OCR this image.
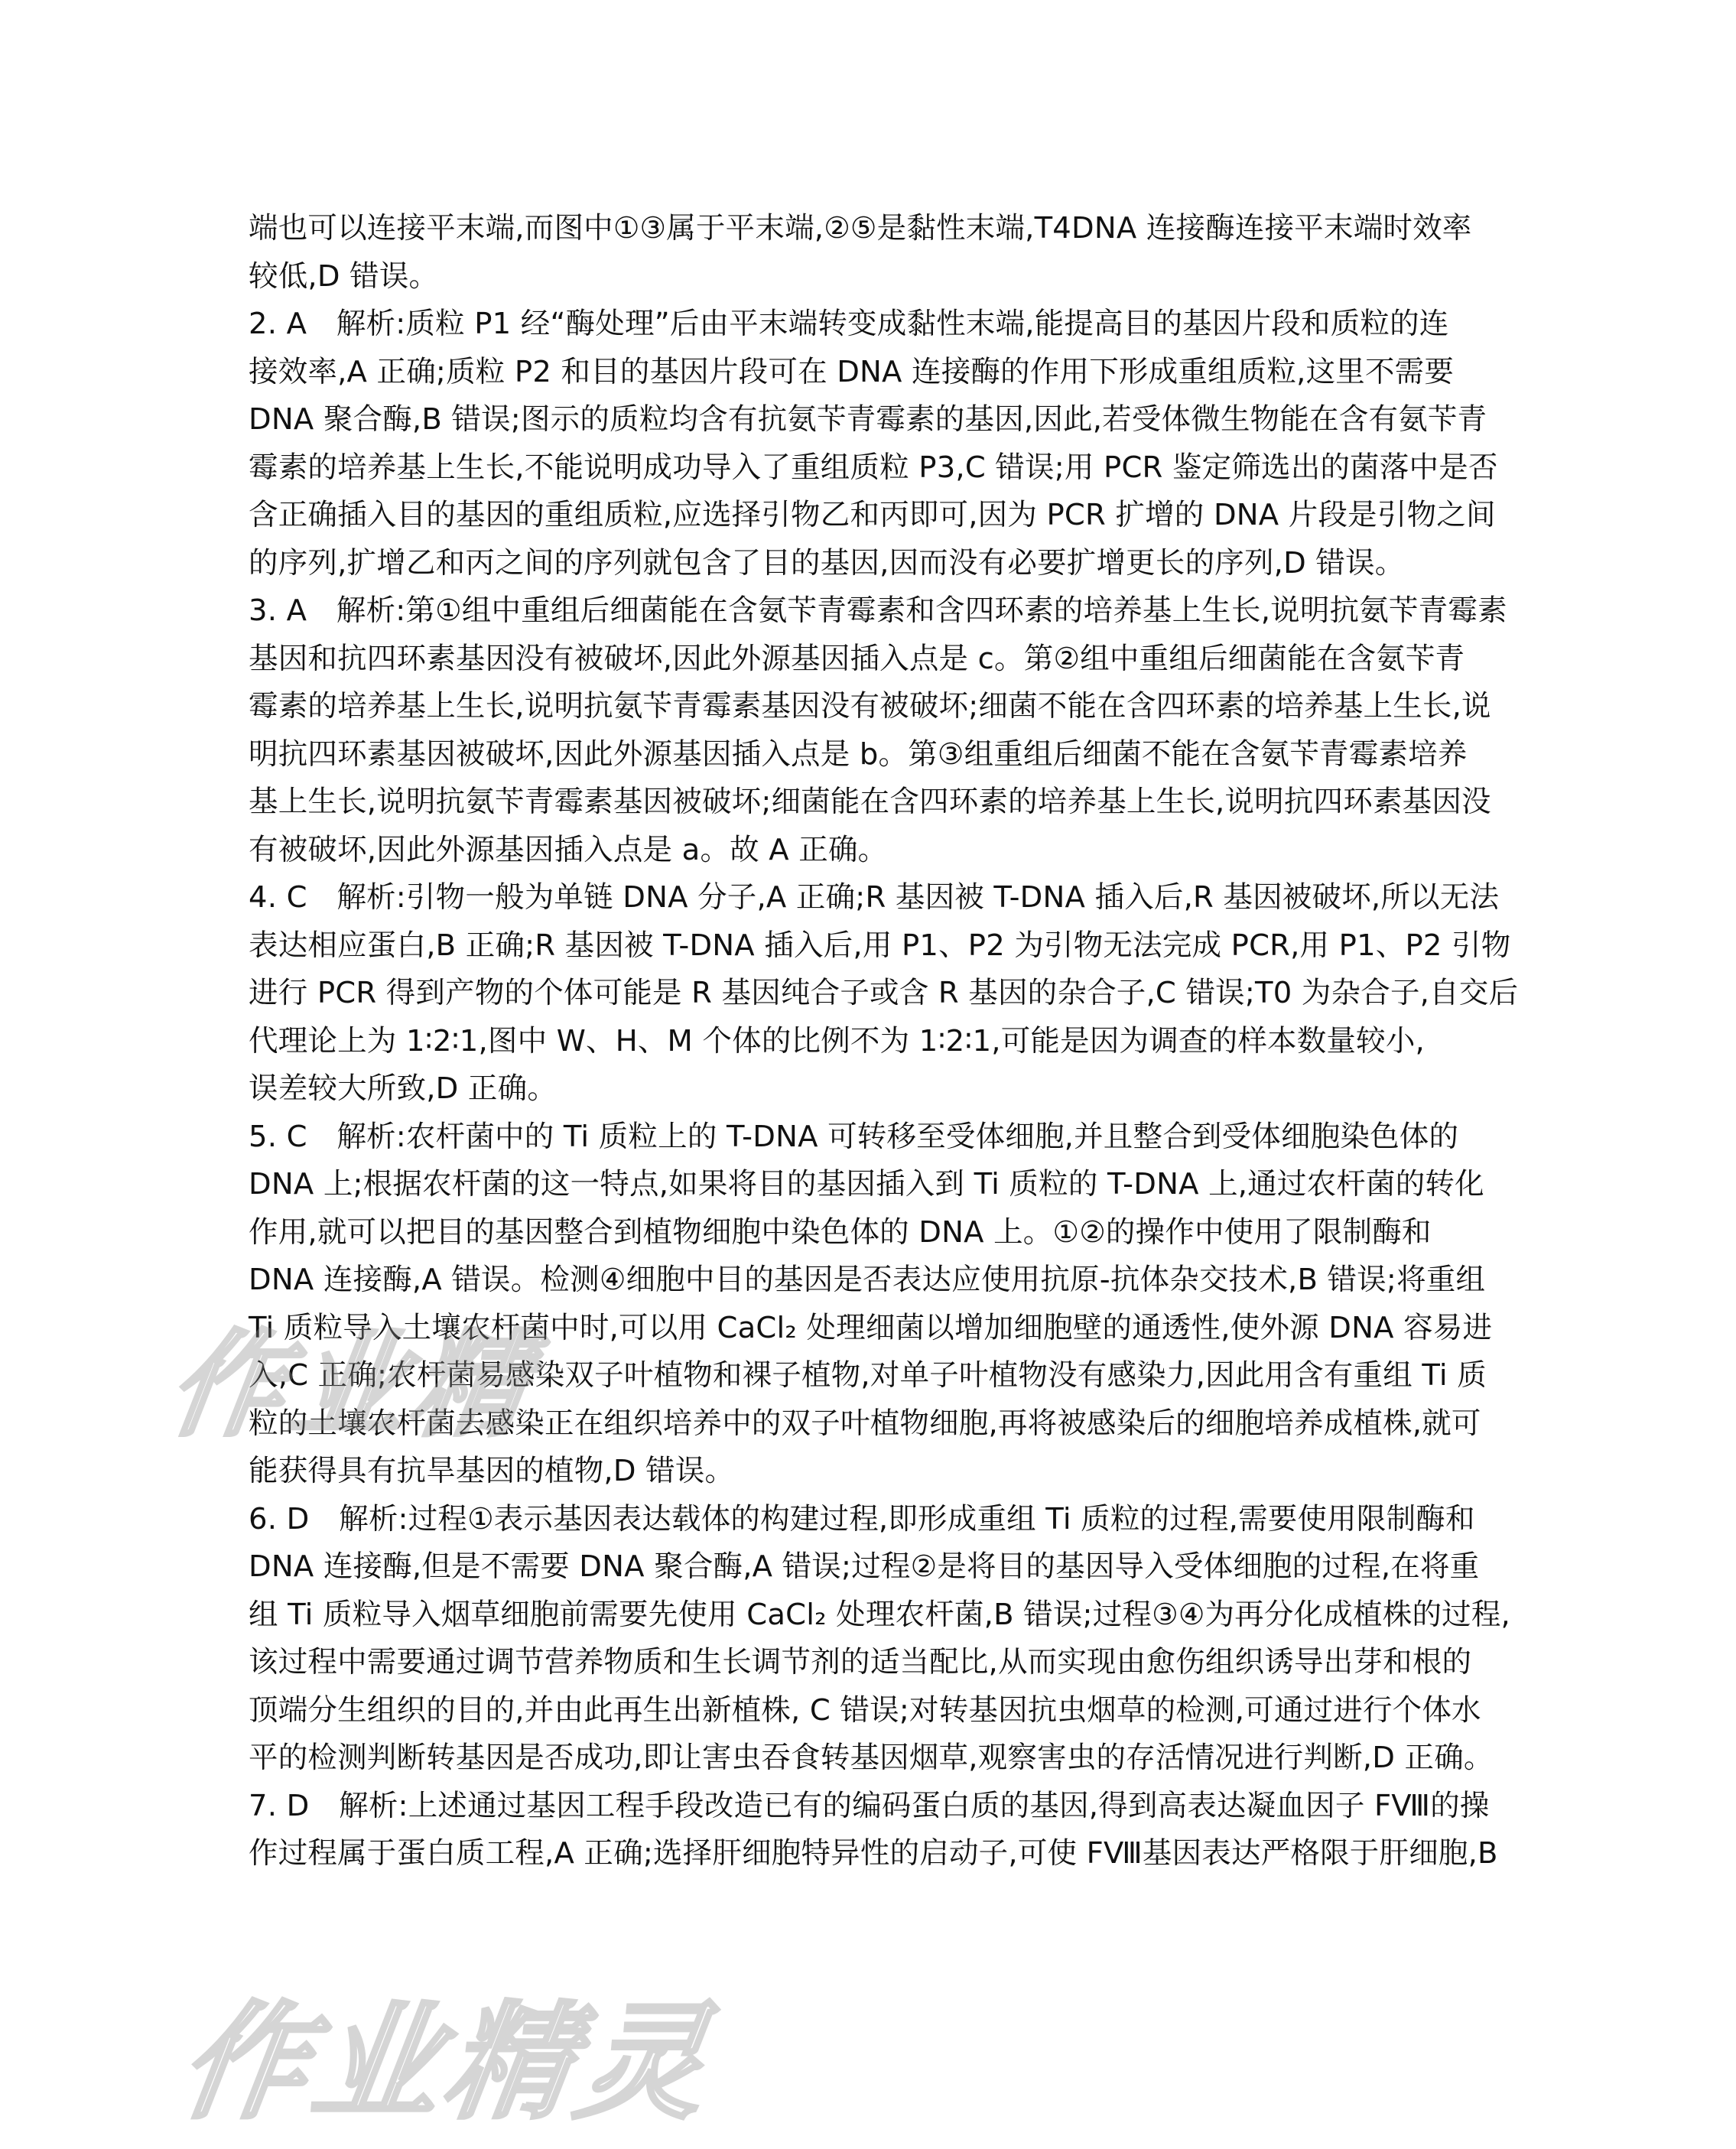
端也可以连接平末端,而图中①③属于平末端,②⑤是黏性末端,T4DNA 连接酶连接平末端时效率
较低,D 错误。
2. A　解析:质粒 P1 经“酶处理”后由平末端转变成黏性末端,能提高目的基因片段和质粒的连
接效率,A 正确;质粒 P2 和目的基因片段可在 DNA 连接酶的作用下形成重组质粒,这里不需要
DNA 聚合酶,B 错误;图示的质粒均含有抗氨苄青霉素的基因,因此,若受体微生物能在含有氨苄青
霉素的培养基上生长,不能说明成功导入了重组质粒 P3,C 错误;用 PCR 鉴定筛选出的菌落中是否
含正确插入目的基因的重组质粒,应选择引物乙和丙即可,因为 PCR 扩增的 DNA 片段是引物之间
的序列,扩增乙和丙之间的序列就包含了目的基因,因而没有必要扩增更长的序列,D 错误。
3. A　解析:第①组中重组后细菌能在含氨苄青霉素和含四环素的培养基上生长,说明抗氨苄青霉素
基因和抗四环素基因没有被破坏,因此外源基因插入点是 c。第②组中重组后细菌能在含氨苄青
霉素的培养基上生长,说明抗氨苄青霉素基因没有被破坏;细菌不能在含四环素的培养基上生长,说
明抗四环素基因被破坏,因此外源基因插入点是 b。第③组重组后细菌不能在含氨苄青霉素培养
基上生长,说明抗氨苄青霉素基因被破坏;细菌能在含四环素的培养基上生长,说明抗四环素基因没
有被破坏,因此外源基因插入点是 a。故 A 正确。
4. C　解析:引物一般为单链 DNA 分子,A 正确;R 基因被 T-DNA 插入后,R 基因被破坏,所以无法
表达相应蛋白,B 正确;R 基因被 T-DNA 插入后,用 P1、P2 为引物无法完成 PCR,用 P1、P2 引物
进行 PCR 得到产物的个体可能是 R 基因纯合子或含 R 基因的杂合子,C 错误;T0 为杂合子,自交后
代理论上为 1∶2∶1,图中 W、H、M 个体的比例不为 1∶2∶1,可能是因为调查的样本数量较小,
误差较大所致,D 正确。
5. C　解析:农杆菌中的 Ti 质粒上的 T-DNA 可转移至受体细胞,并且整合到受体细胞染色体的
DNA 上;根据农杆菌的这一特点,如果将目的基因插入到 Ti 质粒的 T-DNA 上,通过农杆菌的转化
作用,就可以把目的基因整合到植物细胞中染色体的 DNA 上。①②的操作中使用了限制酶和
DNA 连接酶,A 错误。检测④细胞中目的基因是否表达应使用抗原-抗体杂交技术,B 错误;将重组
Ti 质粒导入土壤农杆菌中时,可以用 CaCl₂ 处理细菌以增加细胞壁的通透性,使外源 DNA 容易进
入,C 正确;农杆菌易感染双子叶植物和裸子植物,对单子叶植物没有感染力,因此用含有重组 Ti 质
粒的土壤农杆菌去感染正在组织培养中的双子叶植物细胞,再将被感染后的细胞培养成植株,就可
能获得具有抗旱基因的植物,D 错误。
6. D　解析:过程①表示基因表达载体的构建过程,即形成重组 Ti 质粒的过程,需要使用限制酶和
DNA 连接酶,但是不需要 DNA 聚合酶,A 错误;过程②是将目的基因导入受体细胞的过程,在将重
组 Ti 质粒导入烟草细胞前需要先使用 CaCl₂ 处理农杆菌,B 错误;过程③④为再分化成植株的过程,
该过程中需要通过调节营养物质和生长调节剂的适当配比,从而实现由愈伤组织诱导出芽和根的
顶端分生组织的目的,并由此再生出新植株, C 错误;对转基因抗虫烟草的检测,可通过进行个体水
平的检测判断转基因是否成功,即让害虫吞食转基因烟草,观察害虫的存活情况进行判断,D 正确。
7. D　解析:上述通过基因工程手段改造已有的编码蛋白质的基因,得到高表达凝血因子 FⅧ的操
作过程属于蛋白质工程,A 正确;选择肝细胞特异性的启动子,可使 FⅧ基因表达严格限于肝细胞,B
作业精
作业精灵
